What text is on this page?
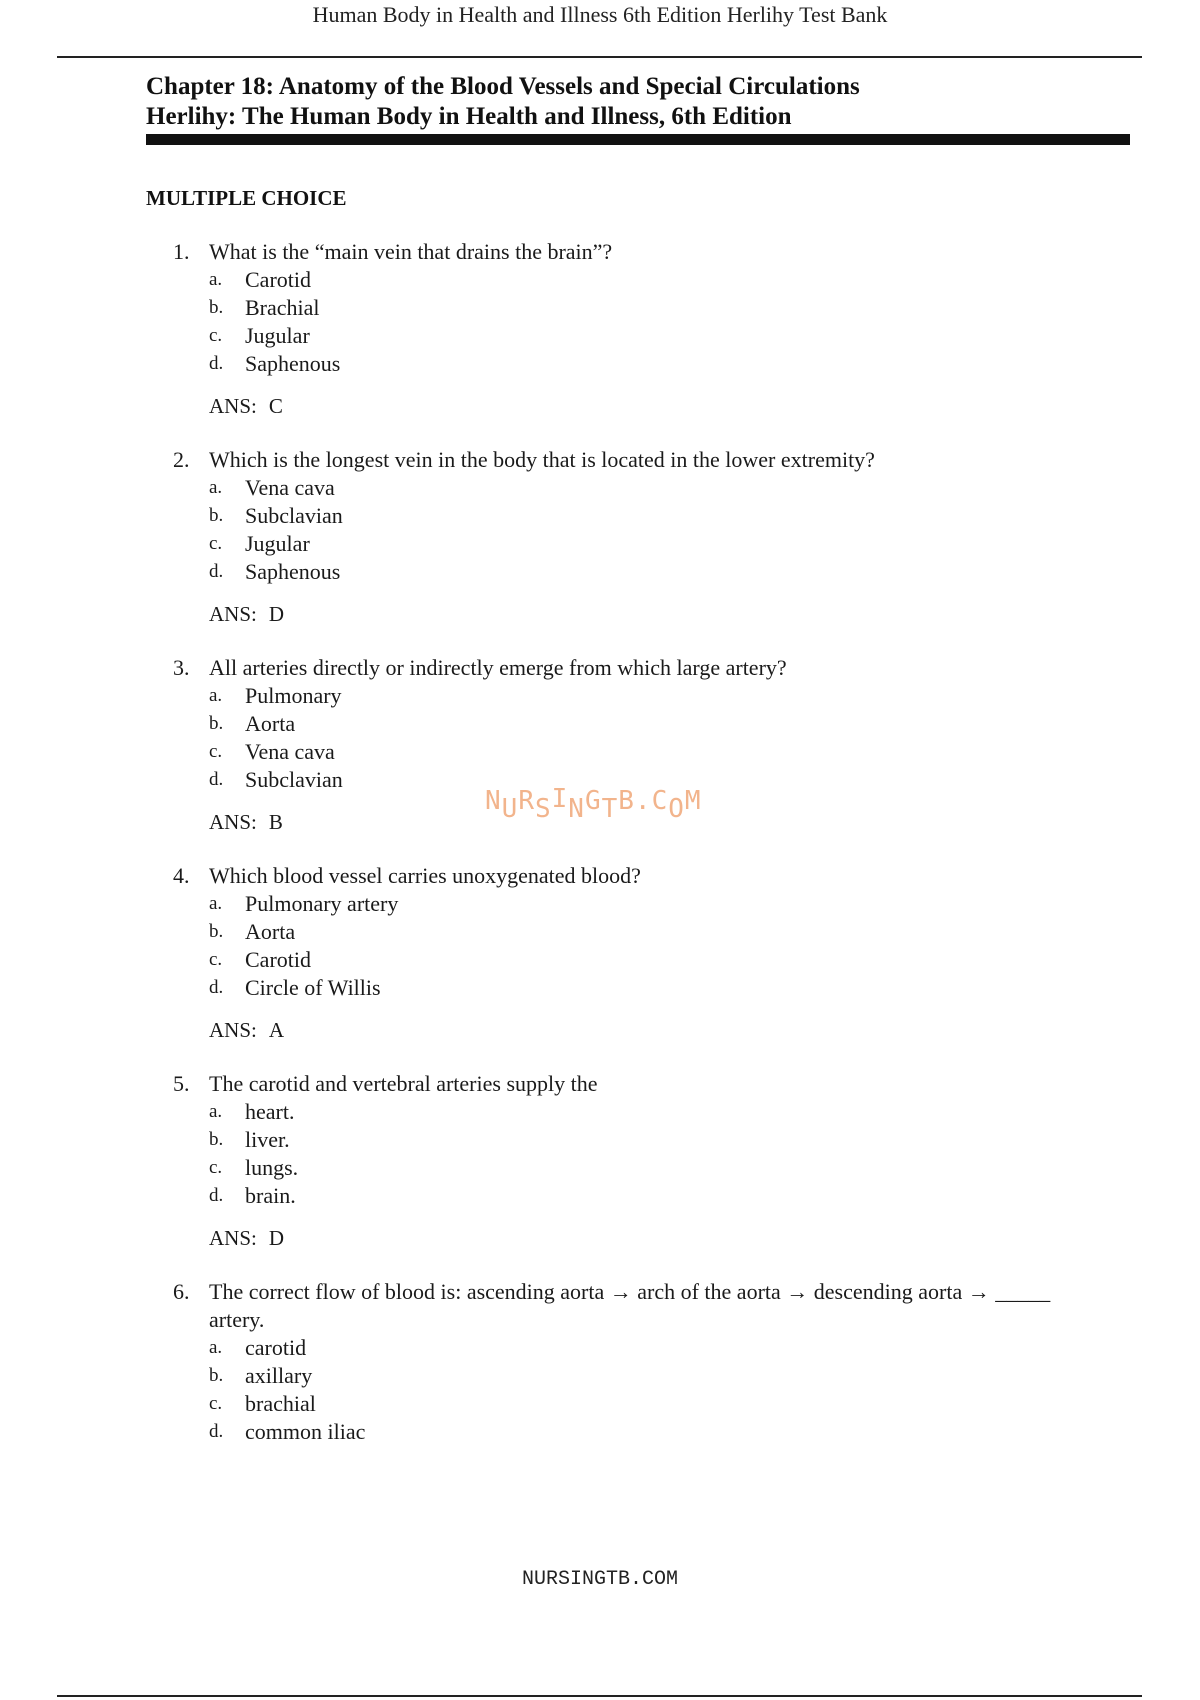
Human Body in Health and Illness 6th Edition Herlihy Test Bank
Chapter 18: Anatomy of the Blood Vessels and Special Circulations
Herlihy: The Human Body in Health and Illness, 6th Edition
MULTIPLE CHOICE
1. What is the “main vein that drains the brain”?
a. Carotid
b. Brachial
c. Jugular
d. Saphenous
ANS: C
2. Which is the longest vein in the body that is located in the lower extremity?
a. Vena cava
b. Subclavian
c. Jugular
d. Saphenous
ANS: D
3. All arteries directly or indirectly emerge from which large artery?
a. Pulmonary
b. Aorta
c. Vena cava
d. Subclavian
ANS: B
4. Which blood vessel carries unoxygenated blood?
a. Pulmonary artery
b. Aorta
c. Carotid
d. Circle of Willis
ANS: A
5. The carotid and vertebral arteries supply the
a. heart.
b. liver.
c. lungs.
d. brain.
ANS: D
6. The correct flow of blood is: ascending aorta → arch of the aorta → descending aorta → _____ artery.
a. carotid
b. axillary
c. brachial
d. common iliac
NURSINGTB.COM
NURSINGTB.COM
